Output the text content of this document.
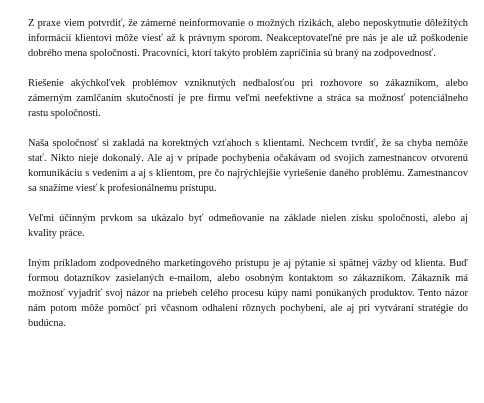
Z praxe viem potvrdiť, že zámerné neinformovanie o možných rizikách, alebo neposkytnutie dôležitých informácií klientovi môže viesť až k právnym sporom. Neakceptovateľné pre nás je ale už poškodenie dobrého mena spoločnosti. Pracovníci, ktorí takýto problém zapríčinia sú braný na zodpovednosť.

Riešenie akýchkoľvek problémov vzniknutých nedbalosťou pri rozhovore so zákazníkom, alebo zámerným zamlčaním skutočností je pre firmu veľmi neefektívne a stráca sa možnosť potenciálneho rastu spoločnosti.

Naša spoločnosť si zakladá na korektných vzťahoch s klientami. Nechcem tvrdiť, že sa chyba nemôže stať. Nikto nieje dokonalý. Ale aj v prípade pochybenia očakávam od svojich zamestnancov otvorenú komunikáciu s vedením a aj s klientom, pre čo najrýchlejšie vyriešenie daného problému. Zamestnancov sa snažíme viesť k profesionálnemu prístupu.

Veľmi účinným prvkom sa ukázalo byť odmeňovanie na základe nielen zisku spoločnosti, alebo aj kvality práce.

Iným príkladom zodpovedného marketingového prístupu je aj pýtanie si spätnej väzby od klienta. Buď formou dotazníkov zasielaných e-mailom, alebo osobným kontaktom so zákazníkom. Zákazník má možnosť vyjadriť svoj názor na priebeh celého procesu kúpy nami ponúkaných produktov. Tento názor nám potom môže pomôcť pri včasnom odhalení rôznych pochybení, ale aj pri vytváraní stratégie do budúcna.
